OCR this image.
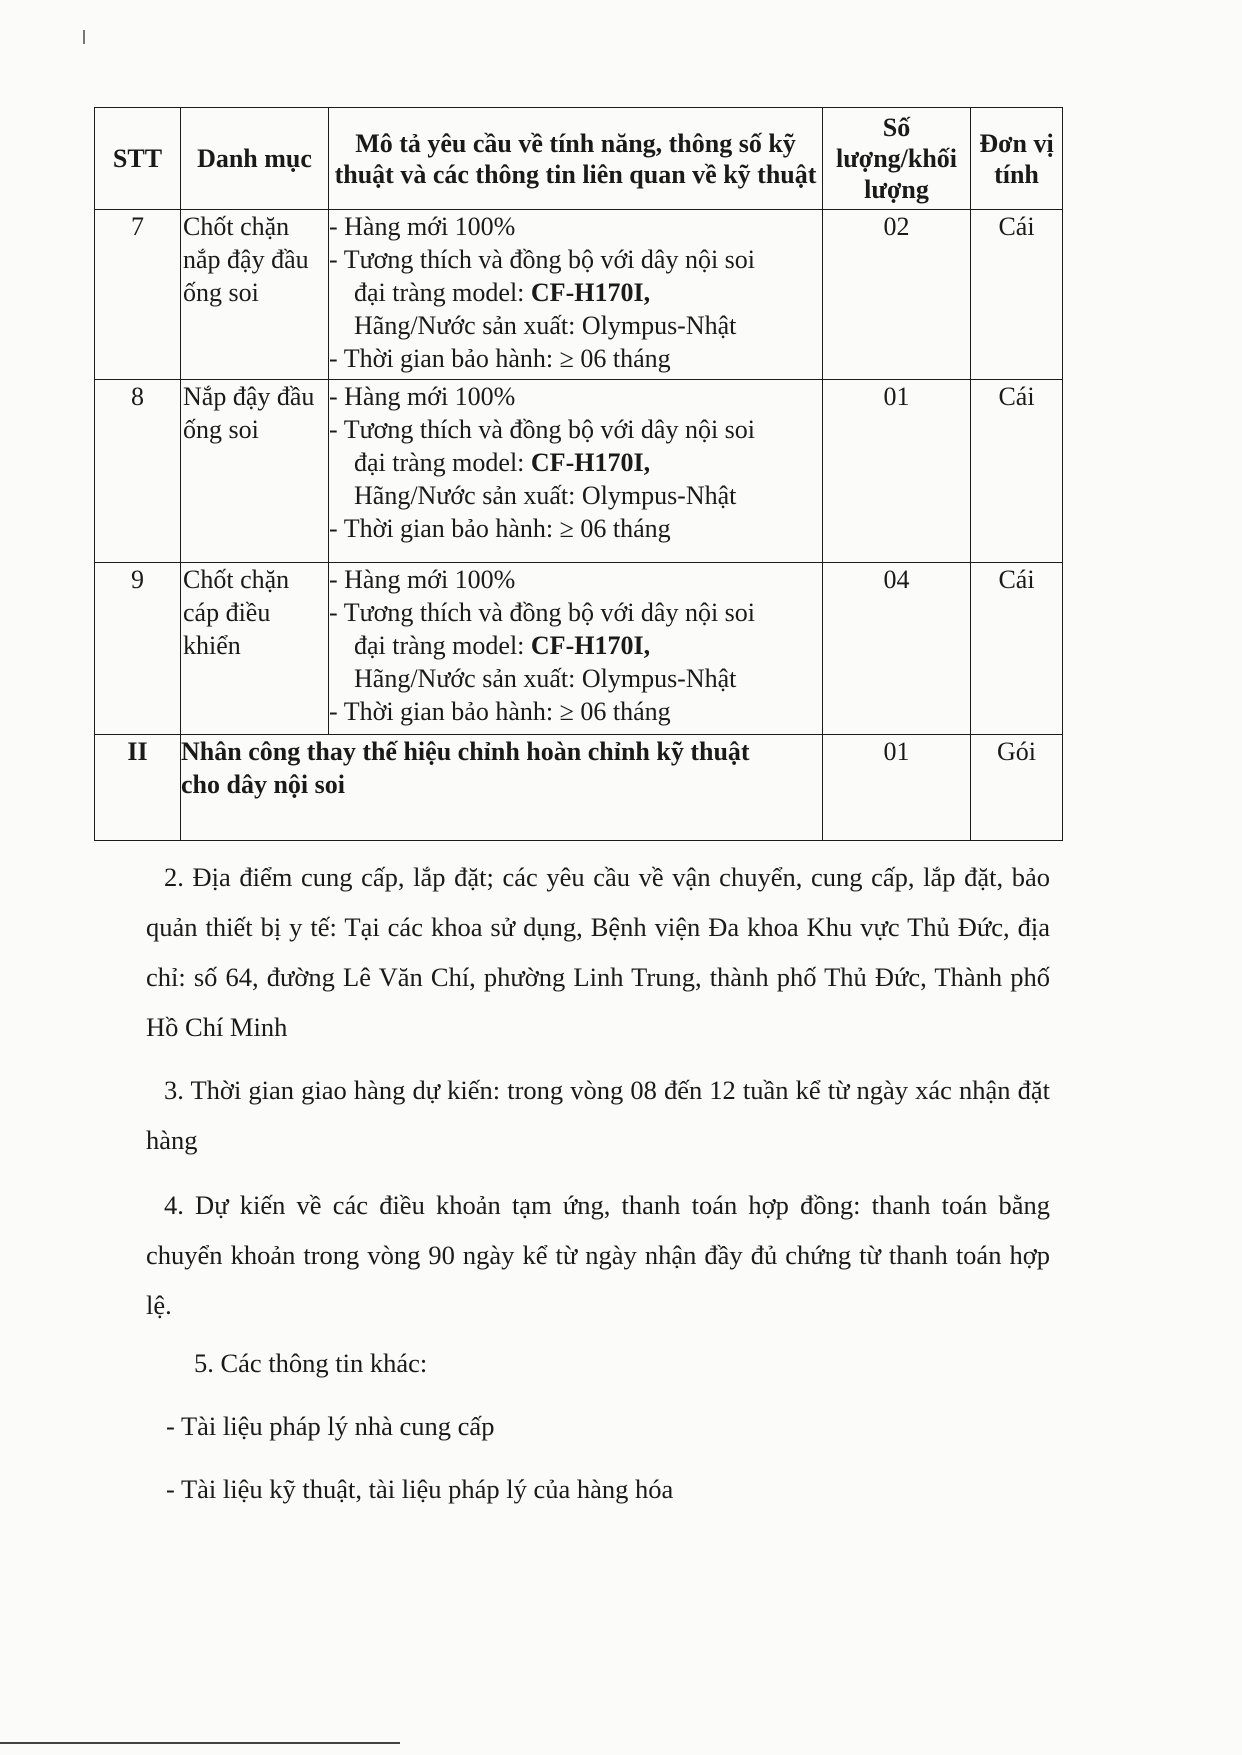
STT	Danh mục	Mô tả yêu cầu về tính năng, thông số kỹ thuật và các thông tin liên quan về kỹ thuật	Số lượng/khối lượng	Đơn vị tính
7	Chốt chặn nắp đậy đầu ống soi	- Hàng mới 100%
- Tương thích và đồng bộ với dây nội soi
đại tràng model: CF-H170I,
Hãng/Nước sản xuất: Olympus-Nhật
- Thời gian bảo hành: ≥ 06 tháng	02	Cái
8	Nắp đậy đầu ống soi	- Hàng mới 100%
- Tương thích và đồng bộ với dây nội soi
đại tràng model: CF-H170I,
Hãng/Nước sản xuất: Olympus-Nhật
- Thời gian bảo hành: ≥ 06 tháng	01	Cái
9	Chốt chặn cáp điều khiển	- Hàng mới 100%
- Tương thích và đồng bộ với dây nội soi
đại tràng model: CF-H170I,
Hãng/Nước sản xuất: Olympus-Nhật
- Thời gian bảo hành: ≥ 06 tháng	04	Cái
II	Nhân công thay thế hiệu chỉnh hoàn chỉnh kỹ thuật cho dây nội soi		01	Gói
2. Địa điểm cung cấp, lắp đặt; các yêu cầu về vận chuyển, cung cấp, lắp đặt, bảo quản thiết bị y tế: Tại các khoa sử dụng, Bệnh viện Đa khoa Khu vực Thủ Đức, địa chỉ: số 64, đường Lê Văn Chí, phường Linh Trung, thành phố Thủ Đức, Thành phố Hồ Chí Minh
3. Thời gian giao hàng dự kiến: trong vòng 08 đến 12 tuần kể từ ngày xác nhận đặt hàng
4. Dự kiến về các điều khoản tạm ứng, thanh toán hợp đồng: thanh toán bằng chuyển khoản trong vòng 90 ngày kể từ ngày nhận đầy đủ chứng từ thanh toán hợp lệ.
5. Các thông tin khác:
- Tài liệu pháp lý nhà cung cấp
- Tài liệu kỹ thuật, tài liệu pháp lý của hàng hóa
